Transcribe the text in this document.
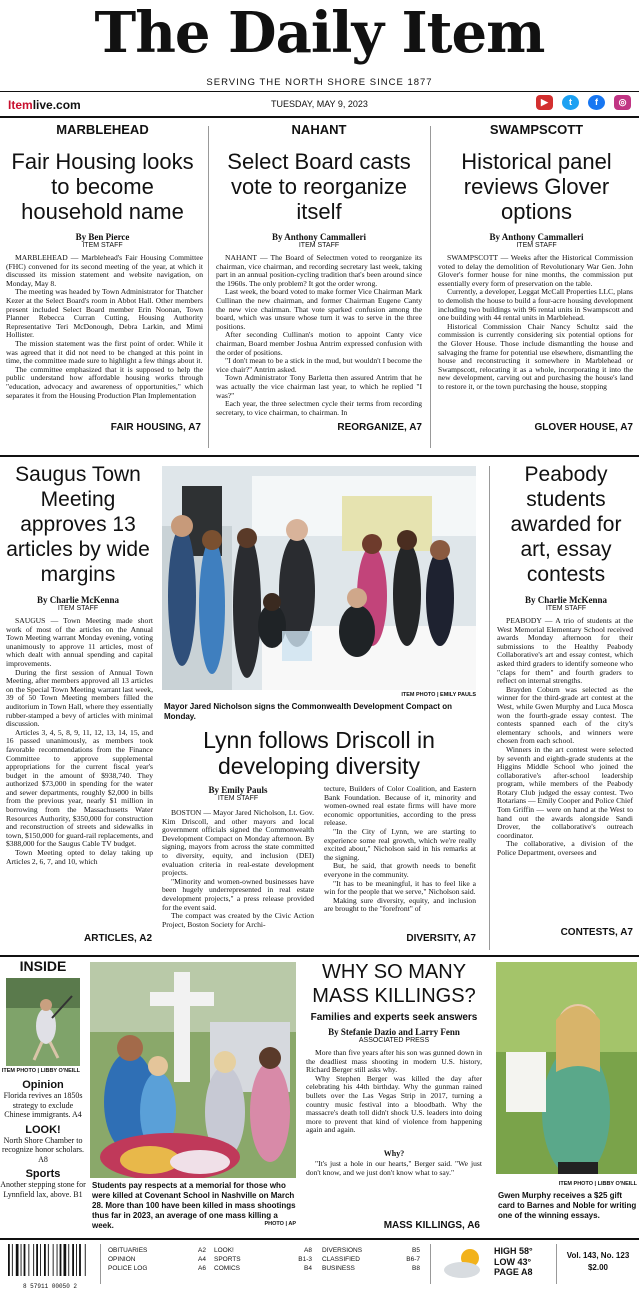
The Daily Item
SERVING THE NORTH SHORE SINCE 1877
Itemlive.com	TUESDAY, MAY 9, 2023	▶	t	f	◎
MARBLEHEAD
Fair Housing looks to become household name
By Ben Pierce
ITEM STAFF

MARBLEHEAD — Marblehead's Fair Housing Committee (FHC) convened for its second meeting of the year, at which it discussed its mission statement and website navigation, on Monday, May 8.

The meeting was headed by Town Administrator for Thatcher Kezer at the Select Board's room in Abbot Hall. Other members present included Select Board member Erin Noonan, Town Planner Rebecca Curran Cutting, Housing Authority Representative Teri McDonough, Debra Larkin, and Mimi Hollister.

The mission statement was the first point of order. While it was agreed that it did not need to be changed at this point in time, the committee made sure to highlight a few things about it.

The committee emphasized that it is supposed to help the public understand how affordable housing works through "education, advocacy and awareness of opportunities," which separates it from the Housing Production Plan Implementation

FAIR HOUSING, A7
NAHANT
Select Board casts vote to reorganize itself
By Anthony Cammalleri
ITEM STAFF

NAHANT — The Board of Selectmen voted to reorganize its chairman, vice chairman, and recording secretary last week, taking part in an annual position-cycling tradition that's been around since the 1960s. The only problem? It got the order wrong.

Last week, the board voted to make former Vice Chairman Mark Cullinan the new chairman, and former Chairman Eugene Canty the new vice chairman. That vote sparked confusion among the board, which was unsure whose turn it was to serve in the three positions.

After seconding Cullinan's motion to appoint Canty vice chairman, Board member Joshua Antrim expressed confusion with the order of positions.

"I don't mean to be a stick in the mud, but wouldn't I become the vice chair?" Antrim asked.

Town Administrator Tony Barletta then assured Antrim that he was actually the vice chairman last year, to which he replied "I was?"

Each year, the three selectmen cycle their terms from recording secretary, to vice chairman, to chairman. In

REORGANIZE, A7
SWAMPSCOTT
Historical panel reviews Glover options
By Anthony Cammalleri
ITEM STAFF

SWAMPSCOTT — Weeks after the Historical Commission voted to delay the demolition of Revolutionary War Gen. John Glover's former house for nine months, the commission put essentially every form of preservation on the table.

Currently, a developer, Leggat McCall Properties LLC, plans to demolish the house to build a four-acre housing development including two buildings with 96 rental units in Swampscott and one building with 44 rental units in Marblehead.

Historical Commission Chair Nancy Schultz said the commission is currently considering six potential options for the Glover House. Those include dismantling the house and salvaging the frame for potential use elsewhere, dismantling the house and reconstructing it somewhere in Marblehead or Swampscott, relocating it as a whole, incorporating it into the new development, carving out and purchasing the house's land to restore it, or the town purchasing the house, stopping

GLOVER HOUSE, A7
Saugus Town Meeting approves 13 articles by wide margins
By Charlie McKenna
ITEM STAFF

SAUGUS — Town Meeting made short work of most of the articles on the Annual Town Meeting warrant Monday evening, voting unanimously to approve 11 articles, most of which dealt with annual spending and capital improvements.

During the first session of Annual Town Meeting, after members approved all 13 articles on the Special Town Meeting warrant last week, 39 of 50 Town Meeting members filled the auditorium in Town Hall, where they essentially rubber-stamped a bevy of articles with minimal discussion.

Articles 3, 4, 5, 8, 9, 11, 12, 13, 14, 15, and 16 passed unanimously, as members took favorable recommendations from the Finance Committee to approve supplemental appropriations for the current fiscal year's budget in the amount of $938,740. They authorized $73,000 in spending for the water and sewer departments, roughly $2,000 in bills from the previous year, nearly $1 million in borrowing from the Massachusetts Water Resources Authority, $350,000 for construction and reconstruction of streets and sidewalks in town, $150,000 for guard-rail replacements, and $388,000 for the Saugus Cable TV budget.

Town Meeting opted to delay taking up Articles 2, 6, 7, and 10, which

ARTICLES, A2
ITEM PHOTO | EMILY PAULS
Mayor Jared Nicholson signs the Commonwealth Development Compact on Monday.
Lynn follows Driscoll in developing diversity
By Emily Pauls
ITEM STAFF

BOSTON — Mayor Jared Nicholson, Lt. Gov. Kim Driscoll, and other mayors and local government officials signed the Commonwealth Development Compact on Monday afternoon. By signing, mayors from across the state committed to diversity, equity, and inclusion (DEI) evaluation criteria in real-estate development projects.

"Minority and women-owned businesses have been hugely underrepresented in real estate development projects," a press release provided for the event said.

The compact was created by the Civic Action Project, Boston Society for Archi-

tecture, Builders of Color Coalition, and Eastern Bank Foundation. Because of it, minority and women-owned real estate firms will have more economic opportunities, according to the press release.

"In the City of Lynn, we are starting to experience some real growth, which we're really excited about," Nicholson said in his remarks at the signing.

But, he said, that growth needs to benefit everyone in the community.

"It has to be meaningful, it has to feel like a win for the people that we serve," Nicholson said.

Making sure diversity, equity, and inclusion are brought to the "forefront" of

DIVERSITY, A7
Peabody students awarded for art, essay contests
By Charlie McKenna
ITEM STAFF

PEABODY — A trio of students at the West Memorial Elementary School received awards Monday afternoon for their submissions to the Healthy Peabody Collaborative's art and essay contest, which asked third graders to identify someone who "claps for them" and fourth graders to reflect on internal strengths.

Brayden Coburn was selected as the winner for the third-grade art contest at the West, while Gwen Murphy and Luca Mosca won the fourth-grade essay contest. The contests spanned each of the city's elementary schools, and winners were chosen from each school.

Winners in the art contest were selected by seventh and eighth-grade students at the Higgins Middle School who joined the collaborative's after-school leadership program, while members of the Peabody Rotary Club judged the essay contest. Two Rotarians — Emily Cooper and Police Chief Tom Griffin — were on hand at the West to hand out the awards alongside Sandi Drover, the collaborative's outreach coordinator.

The collaborative, a division of the Police Department, oversees and

CONTESTS, A7
INSIDE
ITEM PHOTO | LIBBY O'NEILL
Opinion
Florida revives an 1850s strategy to exclude Chinese immigrants. A4
LOOK!
North Shore Chamber to recognize honor scholars. A8
Sports
Another stepping stone for Lynnfield lax, above. B1
PHOTO | AP
Students pay respects at a memorial for those who were killed at Covenant School in Nashville on March 28. More than 100 have been killed in mass shootings thus far in 2023, an average of one mass killing a week.
WHY SO MANY MASS KILLINGS?
Families and experts seek answers
By Stefanie Dazio and Larry Fenn
ASSOCIATED PRESS

More than five years after his son was gunned down in the deadliest mass shooting in modern U.S. history, Richard Berger still asks why.

Why Stephen Berger was killed the day after celebrating his 44th birthday. Why the gunman rained bullets over the Las Vegas Strip in 2017, turning a country music festival into a bloodbath. Why the massacre's death toll didn't shock U.S. leaders into doing more to prevent that kind of violence from happening again and again.

Why?

"It's just a hole in our hearts," Berger said. "We just don't know, and we just don't know what to say."

MASS KILLINGS, A6
ITEM PHOTO | LIBBY O'NEILL
Gwen Murphy receives a $25 gift card to Barnes and Noble for writing one of the winning essays.
8 57911 00050 2
OBITUARIES	A2
OPINION	A4
POLICE LOG	A6
LOOK!	A8
SPORTS	B1-3
COMICS	B4
DIVERSIONS	B5
CLASSIFIED	B6-7
BUSINESS	B8
HIGH 58°
LOW 43°
PAGE A8
Vol. 143, No. 123
$2.00
